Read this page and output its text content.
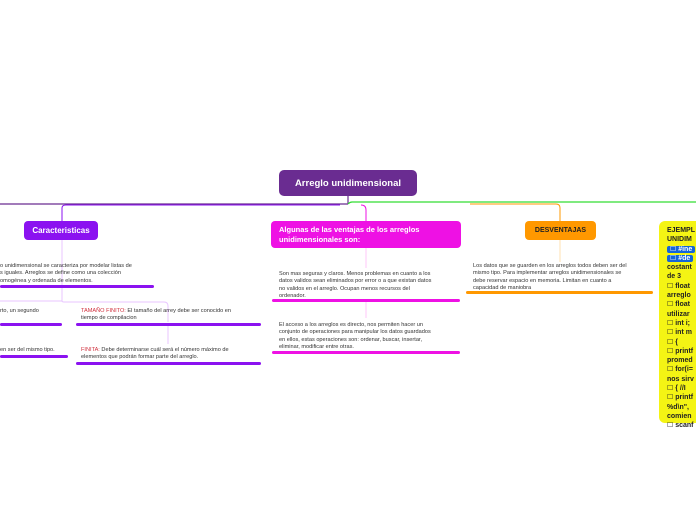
Arreglo unidimensional
Caracteristicas
o unidimensional se caracteriza por modelar listas de
s iguales. Arreglos se define como una colección
omogénea y ordenada de elementos.
rto, un segundo
en ser del mismo tipo.
TAMAÑO FINITO: El tamaño del arrey debe ser conocido en
tiempo de compilacion
FINITA: Debe determinarse cuál será el número máximo de
elementos que podrán formar parte del arreglo.
Algunas de las ventajas de los arreglos unidimensionales son:
Son mas seguras y claros. Menos problemas en cuanto a los
datos validos sean eliminados por error o a que existan datos
no validos en el arreglo. Ocupan menos recursos del
ordenador.
El acceso a los arreglos es directo, nos permiten hacer un
conjunto de operaciones para manipular los datos guardados
en ellos, estas operaciones son: ordenar, buscar, insertar,
eliminar, modificar entre otras.
DESVENTAJAS
Los datos que se guarden en los arreglos todos deben ser del
mismo tipo. Para implementar arreglos unidimensionales se
debe reservar espacio en memoria. Limitan en cuanto a
capacidad de maniobra
EJEMPL
UNIDIM
☐ #ine
☐ #de
costant
de 3
☐ float
arreglo
☐ float
utilizar
☐ int i;
☐ int m
☐ {
☐ printf
promed
☐ for(i=
nos sirv
☐ { //I
☐ printf
%d\n",
comien
☐ scanf
